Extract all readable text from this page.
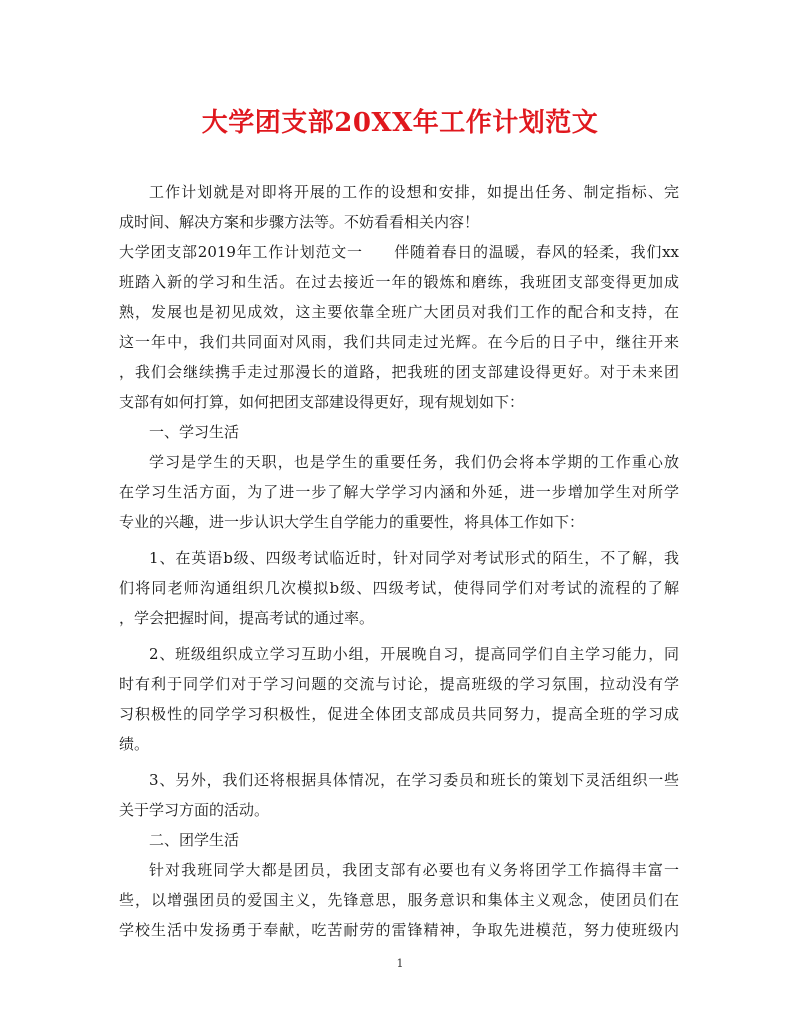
大学团支部20XX年工作计划范文
工作计划就是对即将开展的工作的设想和安排，如提出任务、制定指标、完
成时间、解决方案和步骤方法等。不妨看看相关内容！
大学团支部2019年工作计划范文一　　伴随着春日的温暖，春风的轻柔，我们xx
班踏入新的学习和生活。在过去接近一年的锻炼和磨练，我班团支部变得更加成
熟，发展也是初见成效，这主要依靠全班广大团员对我们工作的配合和支持，在
这一年中，我们共同面对风雨，我们共同走过光辉。在今后的日子中，继往开来
，我们会继续携手走过那漫长的道路，把我班的团支部建设得更好。对于未来团
支部有如何打算，如何把团支部建设得更好，现有规划如下：
一、学习生活
学习是学生的天职，也是学生的重要任务，我们仍会将本学期的工作重心放
在学习生活方面，为了进一步了解大学学习内涵和外延，进一步增加学生对所学
专业的兴趣，进一步认识大学生自学能力的重要性，将具体工作如下：
1、在英语b级、四级考试临近时，针对同学对考试形式的陌生，不了解，我
们将同老师沟通组织几次模拟b级、四级考试，使得同学们对考试的流程的了解
，学会把握时间，提高考试的通过率。
2、班级组织成立学习互助小组，开展晚自习，提高同学们自主学习能力，同
时有利于同学们对于学习问题的交流与讨论，提高班级的学习氛围，拉动没有学
习积极性的同学学习积极性，促进全体团支部成员共同努力，提高全班的学习成
绩。
3、另外，我们还将根据具体情况，在学习委员和班长的策划下灵活组织一些
关于学习方面的活动。
二、团学生活
针对我班同学大都是团员，我团支部有必要也有义务将团学工作搞得丰富一
些，以增强团员的爱国主义，先锋意思，服务意识和集体主义观念，使团员们在
学校生活中发扬勇于奉献，吃苦耐劳的雷锋精神，争取先进模范，努力使班级内
1
